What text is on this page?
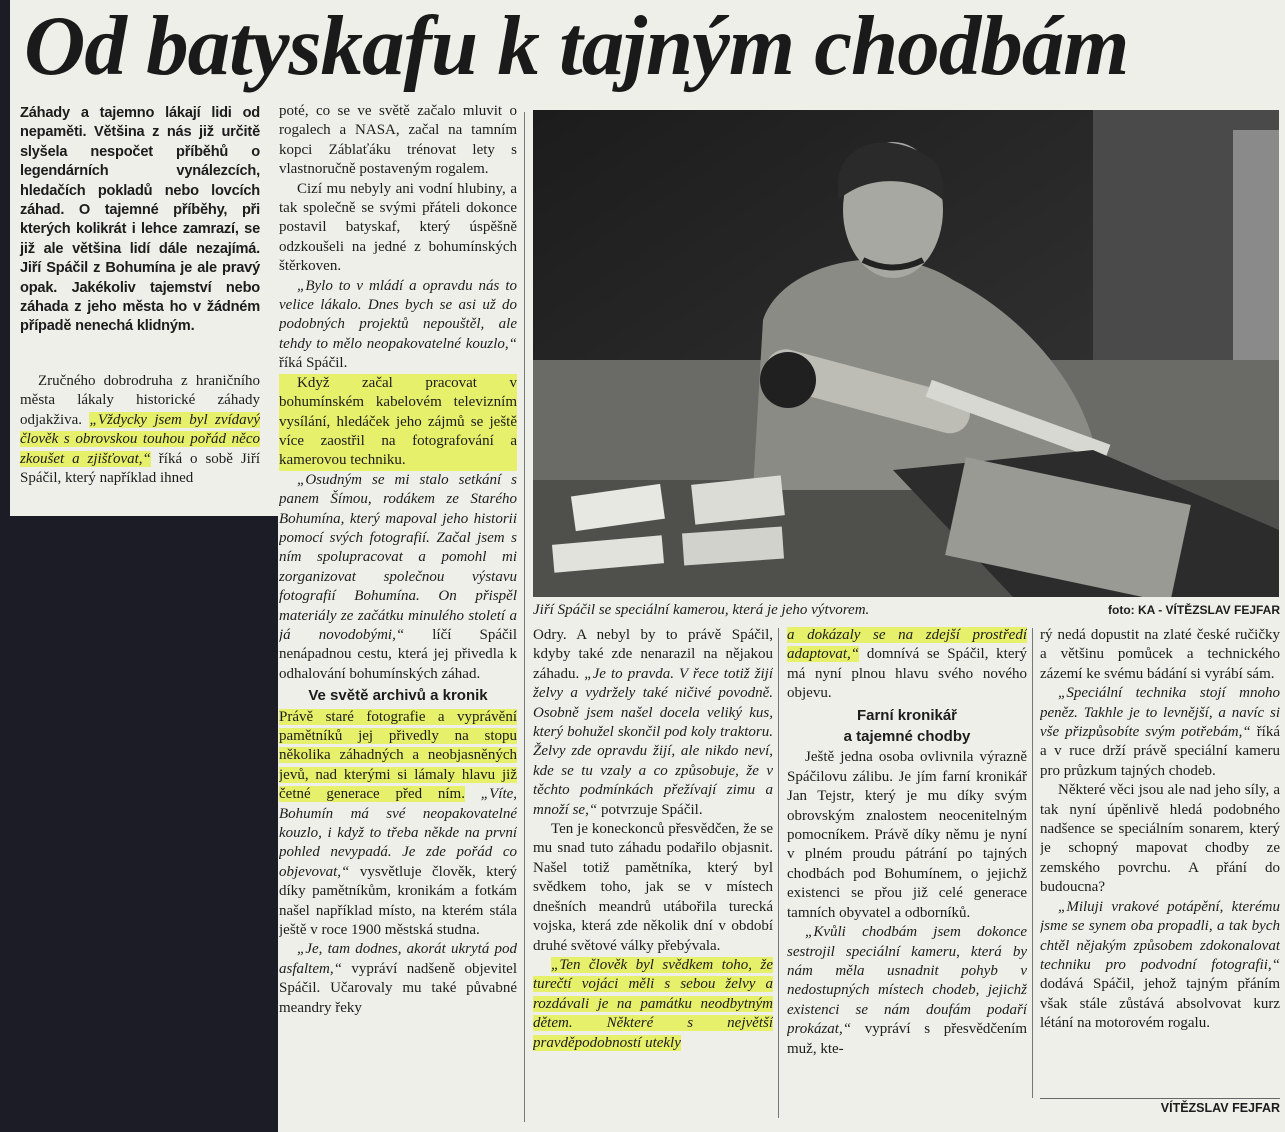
Od batyskafu k tajným chodbám
Záhady a tajemno lákají lidi od nepaměti. Většina z nás již určitě slyšela nespočet příběhů o legendárních vynálezcích, hledačích pokladů nebo lovcích záhad. O tajemné příběhy, při kterých kolikrát i lehce zamrazí, se již ale většina lidí dále nezajímá. Jiří Spáčil z Bohumína je ale pravý opak. Jakékoliv tajemství nebo záhada z jeho města ho v žádném případě nenechá klidným.

Zručného dobrodruha z hraničního města lákaly historické záhady odjakživa. „Vždycky jsem byl zvídavý člověk s obrovskou touhou pořád něco zkoušet a zjišťovat,“ říká o sobě Jiří Spáčil, který například ihned

poté, co se ve světě začalo mluvit o rogalech a NASA, začal na tamním kopci Záblaťáku trénovat lety s vlastnoručně postaveným rogalem.

Cizí mu nebyly ani vodní hlubiny, a tak společně se svými přáteli dokonce postavil batyskaf, který úspěšně odzkoušeli na jedné z bohumínských štěrkoven.

„Bylo to v mládí a opravdu nás to velice lákalo. Dnes bych se asi už do podobných projektů nepouštěl, ale tehdy to mělo neopakovatelné kouzlo,“ říká Spáčil.

Když začal pracovat v bohumínském kabelovém televizním vysílání, hledáček jeho zájmů se ještě více zaostřil na fotografování a kamerovou techniku.

„Osudným se mi stalo setkání s panem Šímou, rodákem ze Starého Bohumína, který mapoval jeho historii pomocí svých fotografií. Začal jsem s ním spolupracovat a pomohl mi zorganizovat společnou výstavu fotografií Bohumína. On přispěl materiály ze začátku minulého století a já novodobými,“ líčí Spáčil nenápadnou cestu, která jej přivedla k odhalování bohumínských záhad.

Ve světě archivů a kronik

Právě staré fotografie a vyprávění pamětníků jej přivedly na stopu několika záhadných a neobjasněných jevů, nad kterými si lámaly hlavu již četné generace před ním. „Víte, Bohumín má své neopakovatelné kouzlo, i když to třeba někde na první pohled nevypadá. Je zde pořád co objevovat,“ vysvětluje člověk, který díky pamětníkům, kronikám a fotkám našel například místo, na kterém stála ještě v roce 1900 městská studna.

„Je, tam dodnes, akorát ukrytá pod asfaltem,“ vypráví nadšeně objevitel Spáčil. Učarovaly mu také půvabné meandry řeky

Jiří Spáčil se speciální kamerou, která je jeho výtvorem.	foto: KA - VÍTĚZSLAV FEJFAR

Odry. A nebyl by to právě Spáčil, kdyby také zde nenarazil na nějakou záhadu. „Je to pravda. V řece totiž žijí želvy a vydržely také ničivé povodně. Osobně jsem našel docela veliký kus, který bohužel skončil pod koly traktoru. Želvy zde opravdu žijí, ale nikdo neví, kde se tu vzaly a co způsobuje, že v těchto podmínkách přežívají zimu a množí se,“ potvrzuje Spáčil.

Ten je koneckonců přesvědčen, že se mu snad tuto záhadu podařilo objasnit. Našel totiž pamětníka, který byl svědkem toho, jak se v místech dnešních meandrů utábořila turecká vojska, která zde několik dní v období druhé světové války přebývala.

„Ten člověk byl svědkem toho, že turečtí vojáci měli s sebou želvy a rozdávali je na památku neodbytným dětem. Některé s největší pravděpodobností utekly

a dokázaly se na zdejší prostředí adaptovat,“ domnívá se Spáčil, který má nyní plnou hlavu svého nového objevu.

Farní kronikář

a tajemné chodby

Ještě jedna osoba ovlivnila výrazně Spáčilovu zálibu. Je jím farní kronikář Jan Tejstr, který je mu díky svým obrovským znalostem neocenitelným pomocníkem. Právě díky němu je nyní v plném proudu pátrání po tajných chodbách pod Bohumínem, o jejichž existenci se přou již celé generace tamních obyvatel a odborníků.

„Kvůli chodbám jsem dokonce sestrojil speciální kameru, která by nám měla usnadnit pohyb v nedostupných místech chodeb, jejichž existenci se nám doufám podaří prokázat,“ vypráví s přesvědčením muž, kte-

rý nedá dopustit na zlaté české ručičky a většinu pomůcek a technického zázemí ke svému bádání si vyrábí sám.

„Speciální technika stojí mnoho peněz. Takhle je to levnější, a navíc si vše přizpůsobíte svým potřebám,“ říká a v ruce drží právě speciální kameru pro průzkum tajných chodeb.

Některé věci jsou ale nad jeho síly, a tak nyní úpěnlivě hledá podobného nadšence se speciálním sonarem, který je schopný mapovat chodby ze zemského povrchu. A přání do budoucna?

„Miluji vrakové potápění, kterému jsme se synem oba propadli, a tak bych chtěl nějakým způsobem zdokonalovat techniku pro podvodní fotografii,“ dodává Spáčil, jehož tajným přáním však stále zůstává absolvovat kurz létání na motorovém rogalu.

VÍTĚZSLAV FEJFAR
